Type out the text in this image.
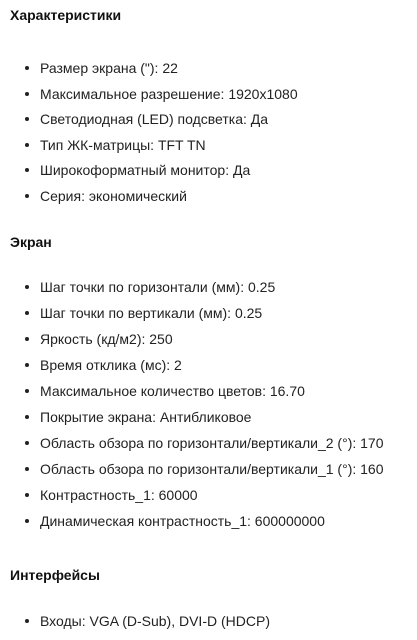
Характеристики
Размер экрана ("): 22
Максимальное разрешение: 1920x1080
Светодиодная (LED) подсветка: Да
Тип ЖК-матрицы: TFT TN
Широкоформатный монитор: Да
Серия: экономический
Экран
Шаг точки по горизонтали (мм): 0.25
Шаг точки по вертикали (мм): 0.25
Яркость (кд/м2): 250
Время отклика (мс): 2
Максимальное количество цветов: 16.70
Покрытие экрана: Антибликовое
Область обзора по горизонтали/вертикали_2 (°): 170
Область обзора по горизонтали/вертикали_1 (°): 160
Контрастность_1: 60000
Динамическая контрастность_1: 600000000
Интерфейсы
Входы: VGA (D-Sub), DVI-D (HDCP)
